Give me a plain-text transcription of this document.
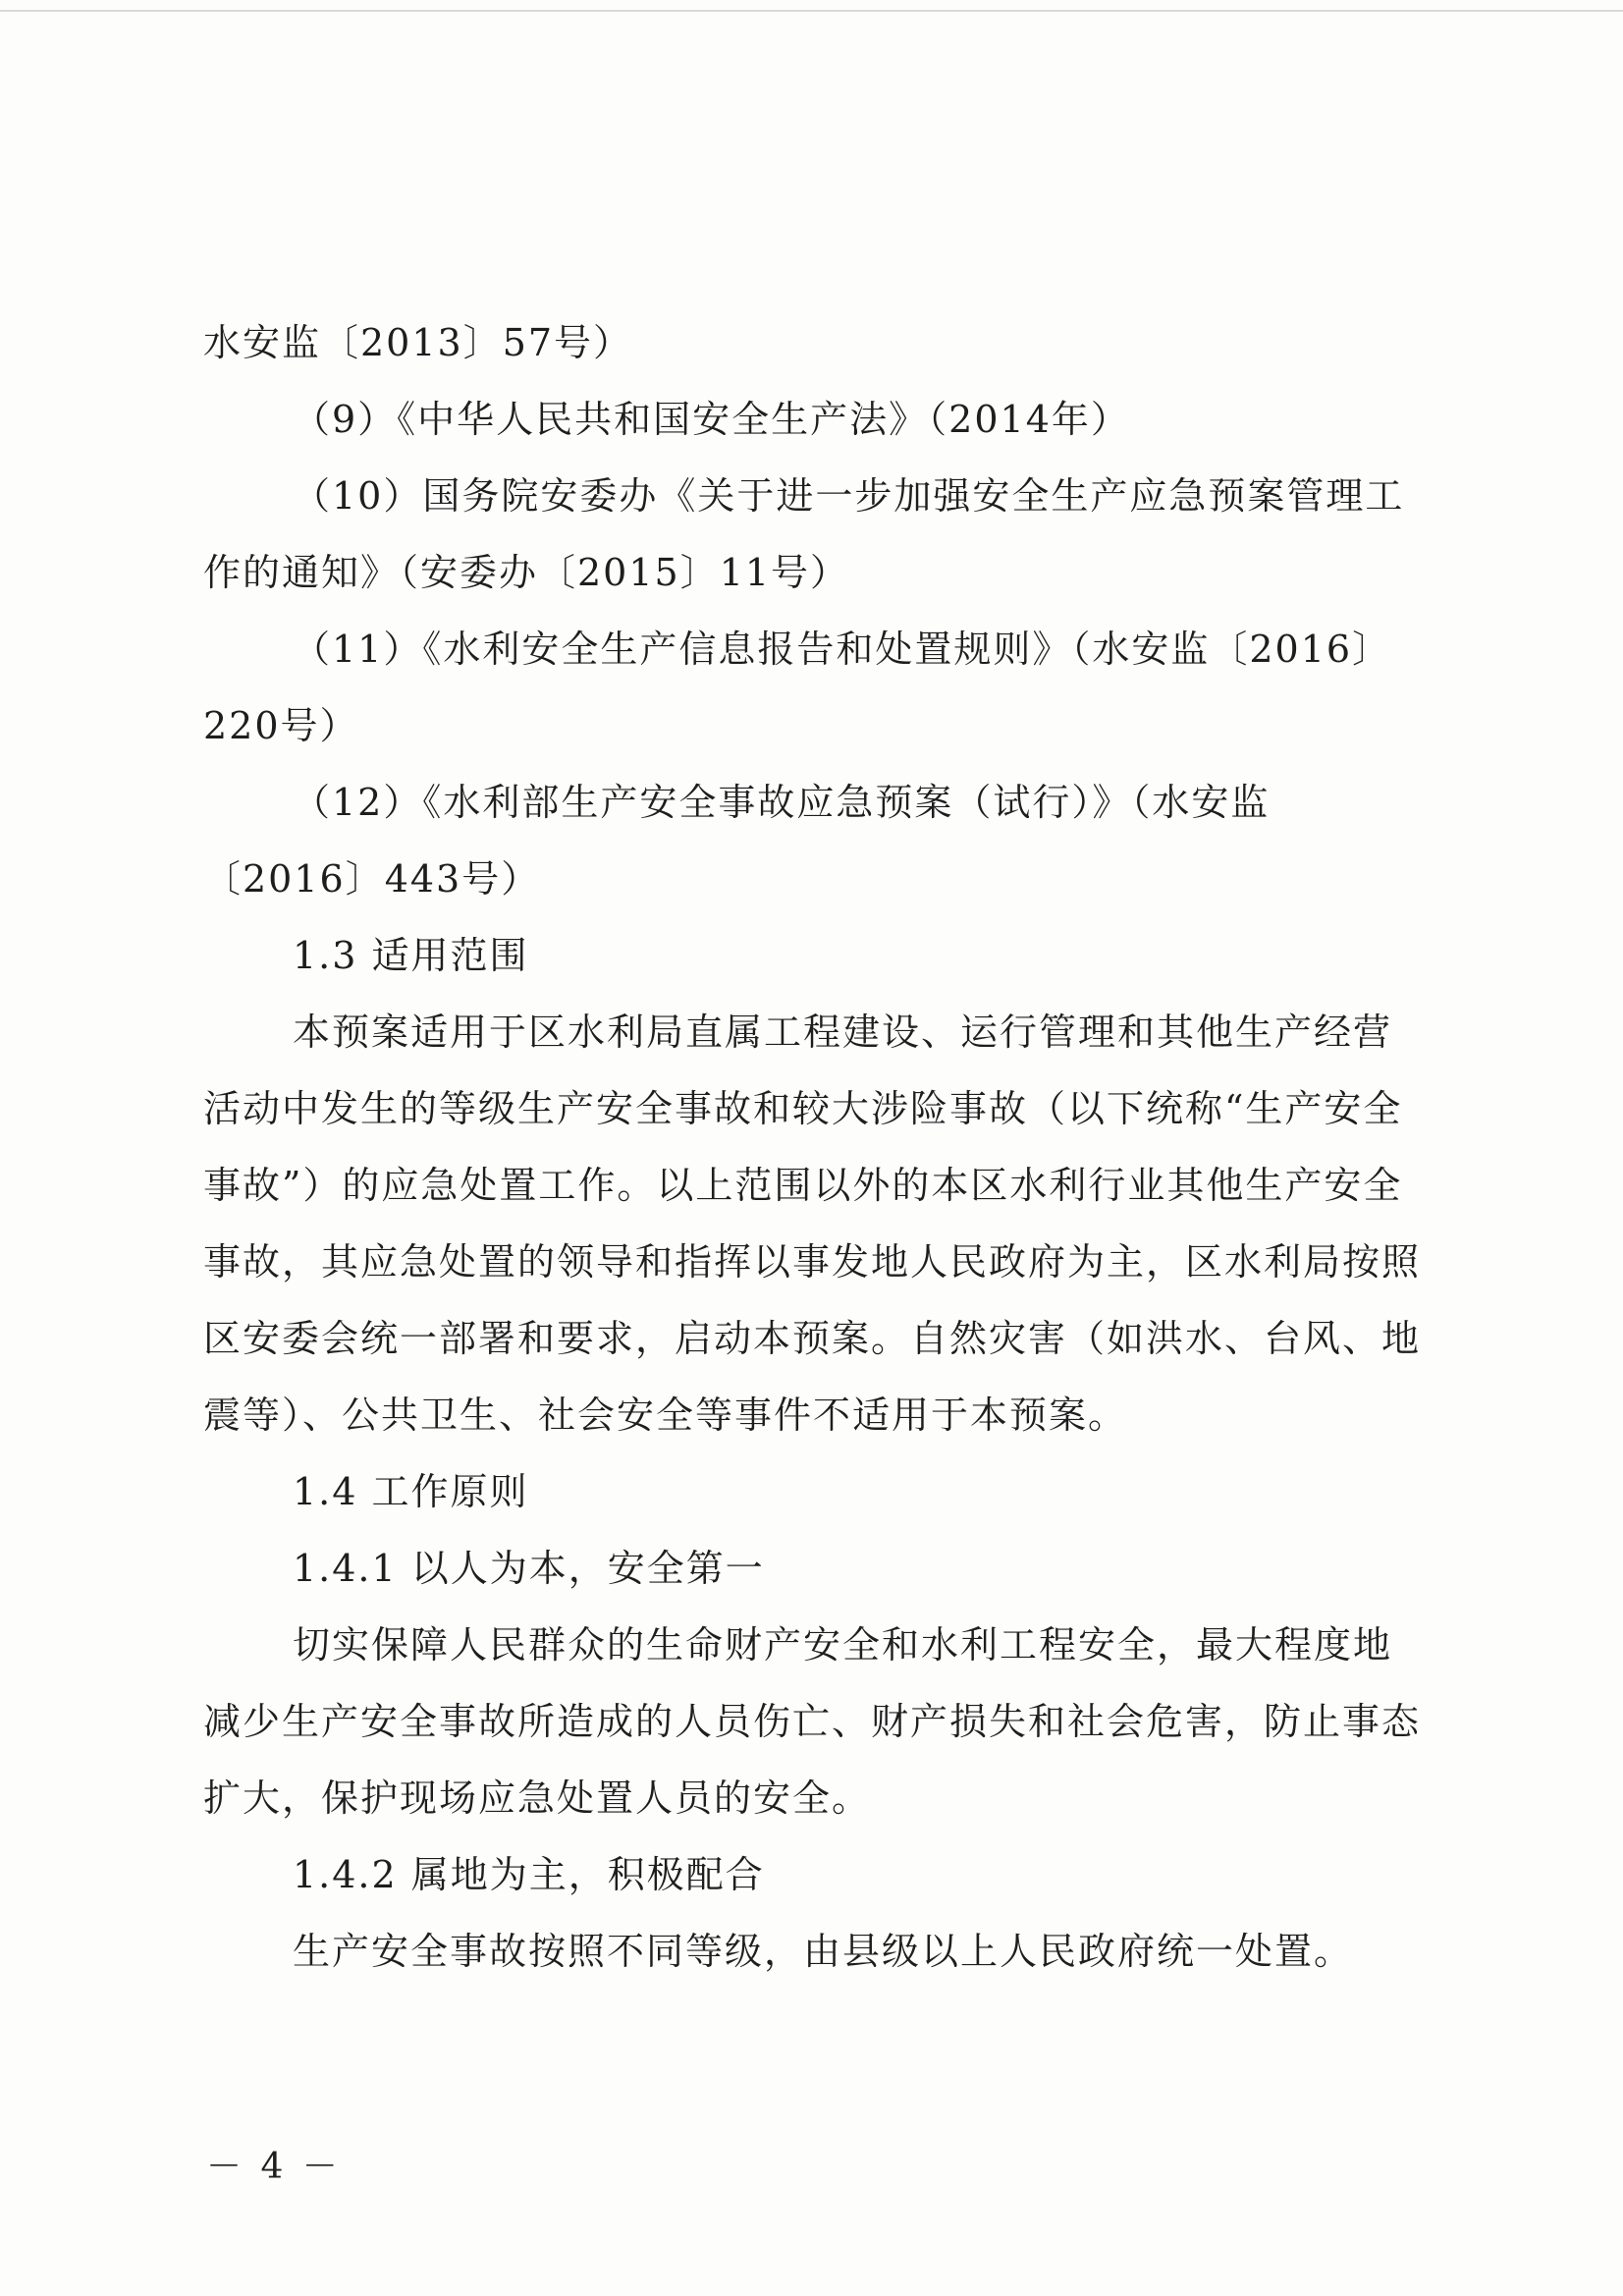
水安监〔2013〕57号）

（9）《中华人民共和国安全生产法》（2014年）

（10）国务院安委办《关于进一步加强安全生产应急预案管理工作的通知》（安委办〔2015〕11号）

（11）《水利安全生产信息报告和处置规则》（水安监〔2016〕220号）

（12）《水利部生产安全事故应急预案（试行）》（水安监〔2016〕443号）

1.3 适用范围

本预案适用于区水利局直属工程建设、运行管理和其他生产经营活动中发生的等级生产安全事故和较大涉险事故（以下统称“生产安全事故”）的应急处置工作。以上范围以外的本区水利行业其他生产安全事故，其应急处置的领导和指挥以事发地人民政府为主，区水利局按照区安委会统一部署和要求，启动本预案。自然灾害（如洪水、台风、地震等）、公共卫生、社会安全等事件不适用于本预案。

1.4 工作原则

1.4.1 以人为本，安全第一

切实保障人民群众的生命财产安全和水利工程安全，最大程度地减少生产安全事故所造成的人员伤亡、财产损失和社会危害，防止事态扩大，保护现场应急处置人员的安全。

1.4.2 属地为主，积极配合

生产安全事故按照不同等级，由县级以上人民政府统一处置。

－ 4 －
